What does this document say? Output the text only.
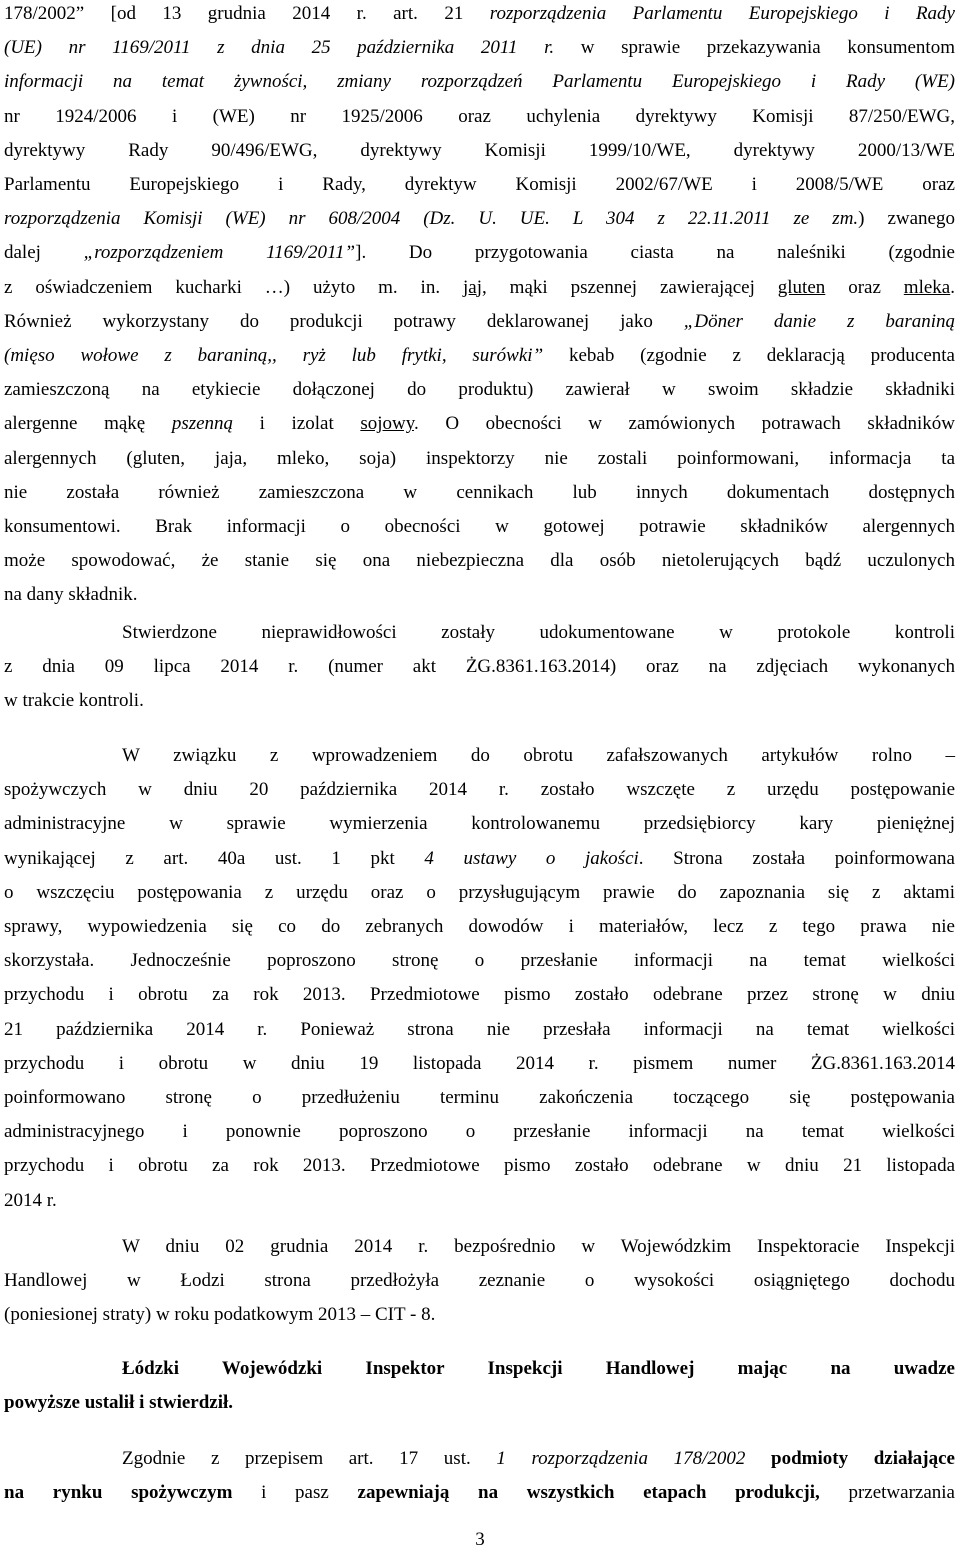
178/2002” [od 13 grudnia 2014 r. art. 21 rozporządzenia Parlamentu Europejskiego i Rady
(UE) nr 1169/2011 z dnia 25 października 2011 r. w sprawie przekazywania konsumentom
informacji na temat żywności, zmiany rozporządzeń Parlamentu Europejskiego i Rady (WE)
nr 1924/2006 i (WE) nr 1925/2006 oraz uchylenia dyrektywy Komisji 87/250/EWG,
dyrektywy Rady 90/496/EWG, dyrektywy Komisji 1999/10/WE, dyrektywy 2000/13/WE
Parlamentu Europejskiego i Rady, dyrektyw Komisji 2002/67/WE i 2008/5/WE oraz
rozporządzenia Komisji (WE) nr 608/2004 (Dz. U. UE. L 304 z 22.11.2011 ze zm.) zwanego
dalej „rozporządzeniem 1169/2011”]. Do przygotowania ciasta na naleśniki (zgodnie
z oświadczeniem kucharki …) użyto m. in. jaj, mąki pszennej zawierającej gluten oraz mleka.
Również wykorzystany do produkcji potrawy deklarowanej jako „Döner danie z baraniną
(mięso wołowe z baraniną,, ryż lub frytki, surówki” kebab (zgodnie z deklaracją producenta
zamieszczoną na etykiecie dołączonej do produktu) zawierał w swoim składzie składniki
alergenne mąkę pszenną i izolat sojowy. O obecności w zamówionych potrawach składników
alergennych (gluten, jaja, mleko, soja) inspektorzy nie zostali poinformowani, informacja ta
nie została również zamieszczona w cennikach lub innych dokumentach dostępnych
konsumentowi. Brak informacji o obecności w gotowej potrawie składników alergennych
może spowodować, że stanie się ona niebezpieczna dla osób nietolerujących bądź uczulonych
na dany składnik.
Stwierdzone nieprawidłowości zostały udokumentowane w protokole kontroli
z dnia 09 lipca 2014 r. (numer akt ŻG.8361.163.2014) oraz na zdjęciach wykonanych
w trakcie kontroli.
W związku z wprowadzeniem do obrotu zafałszowanych artykułów rolno –
spożywczych w dniu 20 października 2014 r. zostało wszczęte z urzędu postępowanie
administracyjne w sprawie wymierzenia kontrolowanemu przedsiębiorcy kary pieniężnej
wynikającej z art. 40a ust. 1 pkt 4 ustawy o jakości. Strona została poinformowana
o wszczęciu postępowania z urzędu oraz o przysługującym prawie do zapoznania się z aktami
sprawy, wypowiedzenia się co do zebranych dowodów i materiałów, lecz z tego prawa nie
skorzystała. Jednocześnie poproszono stronę o przesłanie informacji na temat wielkości
przychodu i obrotu za rok 2013. Przedmiotowe pismo zostało odebrane przez stronę w dniu
21 października 2014 r. Ponieważ strona nie przesłała informacji na temat wielkości
przychodu i obrotu w dniu 19 listopada 2014 r. pismem numer ŻG.8361.163.2014
poinformowano stronę o przedłużeniu terminu zakończenia toczącego się postępowania
administracyjnego i ponownie poproszono o przesłanie informacji na temat wielkości
przychodu i obrotu za rok 2013. Przedmiotowe pismo zostało odebrane w dniu 21 listopada
2014 r.
W dniu 02 grudnia 2014 r. bezpośrednio w Wojewódzkim Inspektoracie Inspekcji
Handlowej w Łodzi strona przedłożyła zeznanie o wysokości osiągniętego dochodu
(poniesionej straty) w roku podatkowym 2013 – CIT - 8.
Łódzki Wojewódzki Inspektor Inspekcji Handlowej mając na uwadze
powyższe ustalił i stwierdził.
Zgodnie z przepisem art. 17 ust. 1 rozporządzenia 178/2002 podmioty działające
na rynku spożywczym i pasz zapewniają na wszystkich etapach produkcji, przetwarzania
3
